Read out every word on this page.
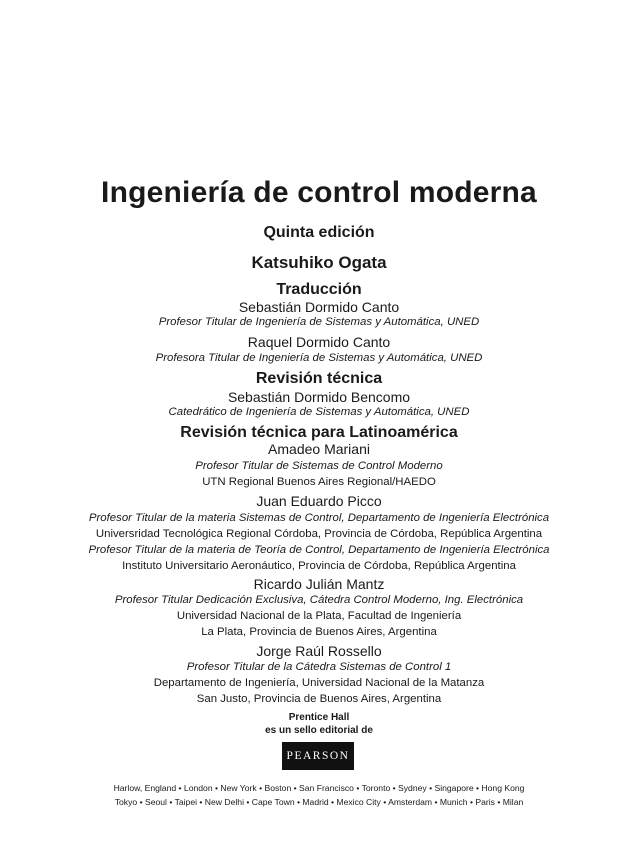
Ingeniería de control moderna
Quinta edición
Katsuhiko Ogata
Traducción
Sebastián Dormido Canto
Profesor Titular de Ingeniería de Sistemas y Automática, UNED
Raquel Dormido Canto
Profesora Titular de Ingeniería de Sistemas y Automática, UNED
Revisión técnica
Sebastián Dormido Bencomo
Catedrático de Ingeniería de Sistemas y Automática, UNED
Revisión técnica para Latinoamérica
Amadeo Mariani
Profesor Titular de Sistemas de Control Moderno
UTN Regional Buenos Aires Regional/HAEDO
Juan Eduardo Picco
Profesor Titular de la materia Sistemas de Control, Departamento de Ingeniería Electrónica
Universridad Tecnológica Regional Córdoba, Provincia de Córdoba, República Argentina
Profesor Titular de la materia de Teoría de Control, Departamento de Ingeniería Electrónica
Instituto Universitario Aeronáutico, Provincia de Córdoba, República Argentina
Ricardo Julián Mantz
Profesor Titular Dedicación Exclusiva, Cátedra Control Moderno, Ing. Electrónica
Universidad Nacional de la Plata, Facultad de Ingeniería
La Plata, Provincia de Buenos Aires, Argentina
Jorge Raúl Rossello
Profesor Titular de la Cátedra Sistemas de Control 1
Departamento de Ingeniería, Universidad Nacional de la Matanza
San Justo, Provincia de Buenos Aires, Argentina
Prentice Hall
es un sello editorial de
PEARSON
Harlow, England • London • New York • Boston • San Francisco • Toronto • Sydney • Singapore • Hong Kong
Tokyo • Seoul • Taipei • New Delhi • Cape Town • Madrid • Mexico City • Amsterdam • Munich • Paris • Milan
